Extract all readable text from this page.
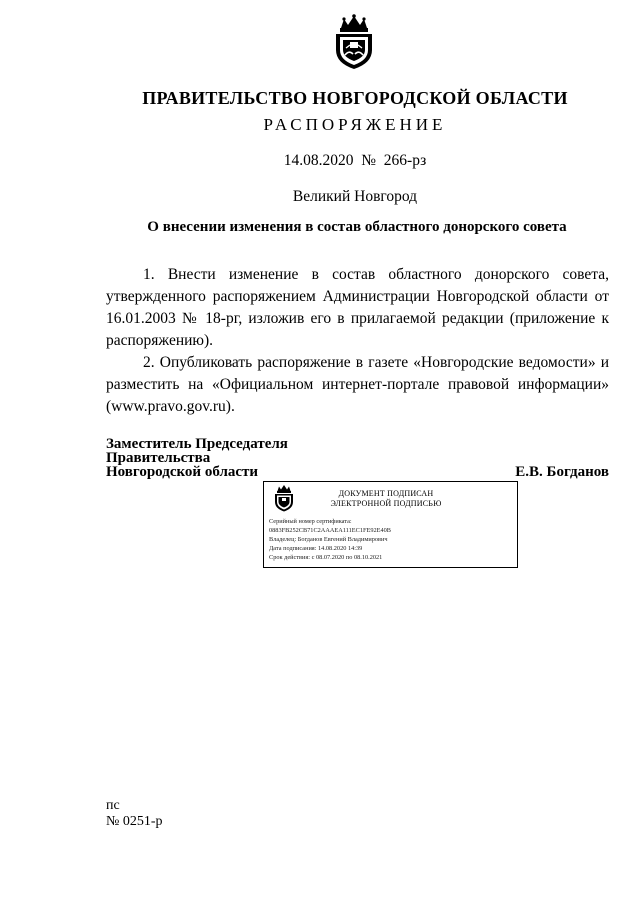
ПРАВИТЕЛЬСТВО НОВГОРОДСКОЙ ОБЛАСТИ
РАСПОРЯЖЕНИЕ
14.08.2020 № 266-рз
Великий Новгород
О внесении изменения в состав областного донорского совета

1. Внести изменение в состав областного донорского совета, утвержденного распоряжением Администрации Новгородской области от 16.01.2003 № 18-рг, изложив его в прилагаемой редакции (приложение к распоряжению).

2. Опубликовать распоряжение в газете «Новгородские ведомости» и разместить на «Официальном интернет-портале правовой информации» (www.pravo.gov.ru).

Заместитель Председателя
Правительства
Новгородской области	Е.В. Богданов
ДОКУМЕНТ ПОДПИСАН
ЭЛЕКТРОННОЙ ПОДПИСЬЮ
Серийный номер сертификата:
0883FB252CB71C2AAAEA111EC1FE92E40B
Владелец: Богданов Евгений Владимирович
Дата подписания: 14.08.2020 14:39
Срок действия: с 08.07.2020 по 08.10.2021
пс
№ 0251-р
